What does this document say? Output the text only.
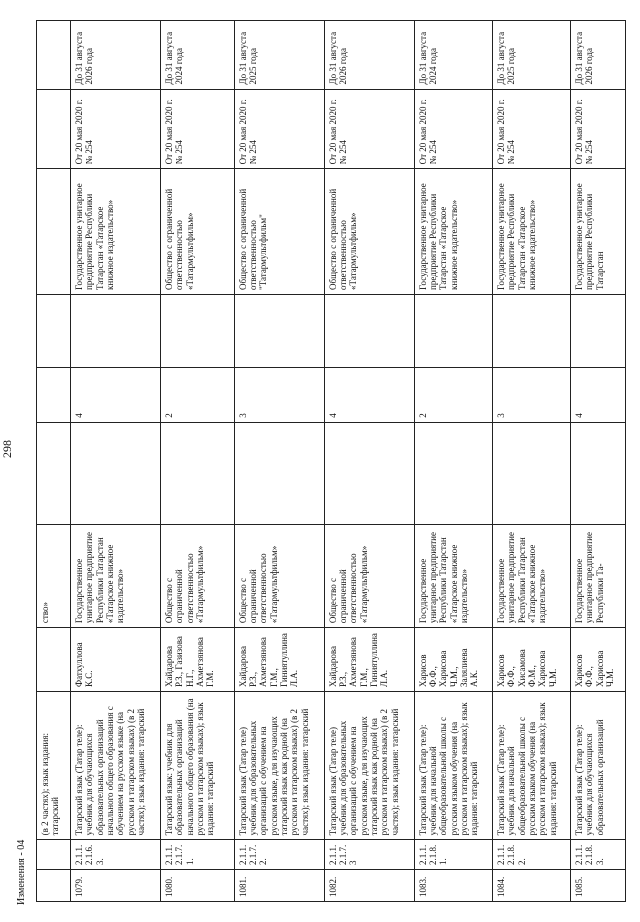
298
Изменения - 04
		(в 2 частях); язык издания: татарский		ство»						
1079.	2.1.1.2.1.6.3.	Татарский язык (Татар теле): учебник для обучающихся образовательных организаций начального общего образования с обучением на русском языке (на русском и татарском языках) (в 2 частях); язык издания: татарский	Фатхуллова К.С.	Государственное унитарное предприятие Республики Татарстан «Татарское книжное издательство»		4		Государственное унитарное предприятие Республики Татарстан «Татарское книжное издательство»	От 20 мая 2020 г. № 254	До 31 августа 2026 года
1080.	2.1.1.2.1.7.1.	Татарский язык: учебник для образовательных организаций начального общего образования (на русском и татарском языках); язык издания: татарский	Хайдарова Р.З., Газизова Н.Г., Ахметзянова Г.М.	Общество с ограниченной ответственностью «Татармультфильм»		2		Общество с ограниченной ответственностью «Татармультфильм»	От 20 мая 2020 г. № 254	До 31 августа 2024 года
1081.	2.1.1.2.1.7.2.	Татарский язык (Татар теле) учебник для образовательных организаций с обучением на русском языке, для изучающих татарский язык как родной (на русском и татарском языках) (в 2 частях); язык издания: татарский	Хайдарова Р.З., Ахметзянова Г.М., Гиниятуллина Л.А.	Общество с ограниченной ответственностью «Татармультфильм»		3		Общество с ограниченной ответственностью "Татармультфильм"	От 20 мая 2020 г. № 254	До 31 августа 2025 года
1082.	2.1.1.2.1.7.3	Татарский язык (Татар теле) учебник для образовательных организаций с обучением на русском языке, для изучающих татарский язык как родной (на русском и татарском языках) (в 2 частях); язык издания: татарский	Хайдарова Р.З., Ахметзянова Г.М., Гиниятуллина Л.А.	Общество с ограниченной ответственностью «Татармультфильм»		4		Общество с ограниченной ответственностью «Татармультфильм»	От 20 мая 2020 г. № 254	До 31 августа 2026 года
1083.	2.1.1.2.1.8.1.	Татарский язык (Татар теле): учебник для начальной общеобразовательной школы с русским языком обучения (на русском и татарском языках); язык издания: татарский	Харисов Ф.Ф., Харисова Ч.М., Залялиева А.К.	Государственное унитарное предприятие Республики Татарстан «Татарское книжное издательство»		2		Государственное унитарное предприятие Республики Татарстан «Татарское книжное издательство»	От 20 мая 2020 г. № 254	До 31 августа 2024 года
1084.	2.1.1.2.1.8.2.	Татарский язык (Татар теле): учебник для начальной общеобразовательной школы с русским языком обучения (на русском и татарском языках); язык издания: татарский	Харисов Ф.Ф., Хисамова Ф.М., Харисова Ч.М.	Государственное унитарное предприятие Республики Татарстан «Татарское книжное издательство»		3		Государственное унитарное предприятие Республики Татарстан «Татарское книжное издательство»	От 20 мая 2020 г. № 254	До 31 августа 2025 года
1085.	2.1.1.2.1.8.3.	Татарский язык (Татар теле): учебник для обучающихся образовательных организаций	Харисов Ф.Ф., Харисова Ч.М.	Государственное унитарное предприятие Республики Та-		4		Государственное унитарное предприятие Республики Татарстан	От 20 мая 2020 г. № 254	До 31 августа 2026 года
